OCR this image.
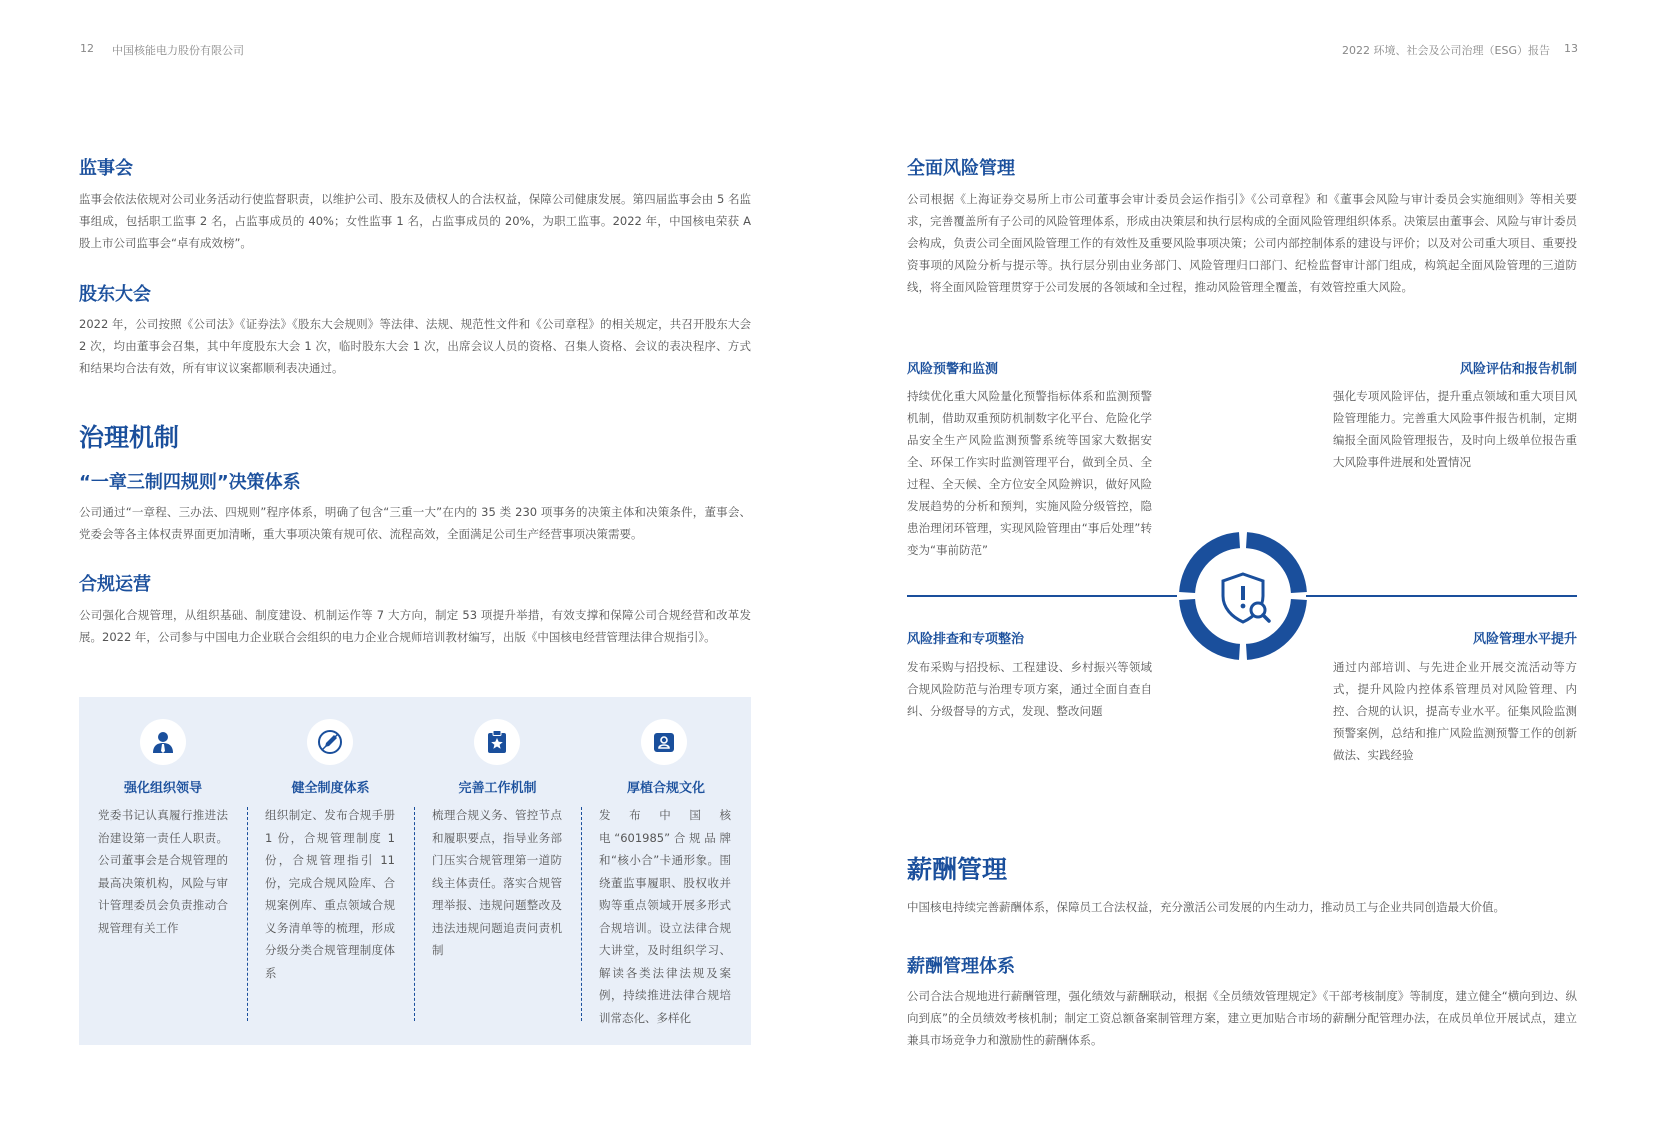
12 中国核能电力股份有限公司	2022 环境、社会及公司治理（ESG）报告 13
监事会
监事会依法依规对公司业务活动行使监督职责，以维护公司、股东及债权人的合法权益，保障公司健康发展。第四届监事会由 5 名监事组成，包括职工监事 2 名，占监事成员的 40%；女性监事 1 名，占监事成员的 20%，为职工监事。2022 年，中国核电荣获 A 股上市公司监事会“卓有成效榜”。
股东大会
2022 年，公司按照《公司法》《证券法》《股东大会规则》等法律、法规、规范性文件和《公司章程》的相关规定，共召开股东大会 2 次，均由董事会召集，其中年度股东大会 1 次，临时股东大会 1 次，出席会议人员的资格、召集人资格、会议的表决程序、方式和结果均合法有效，所有审议议案都顺利表决通过。
治理机制
“一章三制四规则”决策体系
公司通过“一章程、三办法、四规则”程序体系，明确了包含“三重一大”在内的 35 类 230 项事务的决策主体和决策条件，董事会、党委会等各主体权责界面更加清晰，重大事项决策有规可依、流程高效，全面满足公司生产经营事项决策需要。
合规运营
公司强化合规管理，从组织基础、制度建设、机制运作等 7 大方向，制定 53 项提升举措，有效支撑和保障公司合规经营和改革发展。2022 年，公司参与中国电力企业联合会组织的电力企业合规师培训教材编写，出版《中国核电经营管理法律合规指引》。
强化组织领导
党委书记认真履行推进法治建设第一责任人职责。公司董事会是合规管理的最高决策机构，风险与审计管理委员会负责推动合规管理有关工作
健全制度体系
组织制定、发布合规手册 1 份，合规管理制度 1 份，合规管理指引 11 份，完成合规风险库、合规案例库、重点领域合规义务清单等的梳理，形成分级分类合规管理制度体系
完善工作机制
梳理合规义务、管控节点和履职要点，指导业务部门压实合规管理第一道防线主体责任。落实合规管理举报、违规问题整改及违法违规问题追责问责机制
厚植合规文化
发布中国核电“601985”合规品牌和“核小合”卡通形象。围绕董监事履职、股权收并购等重点领域开展多形式合规培训。设立法律合规大讲堂，及时组织学习、解读各类法律法规及案例，持续推进法律合规培训常态化、多样化
全面风险管理
公司根据《上海证券交易所上市公司董事会审计委员会运作指引》《公司章程》和《董事会风险与审计委员会实施细则》等相关要求，完善覆盖所有子公司的风险管理体系，形成由决策层和执行层构成的全面风险管理组织体系。决策层由董事会、风险与审计委员会构成，负责公司全面风险管理工作的有效性及重要风险事项决策；公司内部控制体系的建设与评价；以及对公司重大项目、重要投资事项的风险分析与提示等。执行层分别由业务部门、风险管理归口部门、纪检监督审计部门组成，构筑起全面风险管理的三道防线，将全面风险管理贯穿于公司发展的各领域和全过程，推动风险管理全覆盖，有效管控重大风险。
风险预警和监测
持续优化重大风险量化预警指标体系和监测预警机制，借助双重预防机制数字化平台、危险化学品安全生产风险监测预警系统等国家大数据安全、环保工作实时监测管理平台，做到全员、全过程、全天候、全方位安全风险辨识，做好风险发展趋势的分析和预判，实施风险分级管控，隐患治理闭环管理，实现风险管理由“事后处理”转变为“事前防范”
风险评估和报告机制
强化专项风险评估，提升重点领域和重大项目风险管理能力。完善重大风险事件报告机制，定期编报全面风险管理报告，及时向上级单位报告重大风险事件进展和处置情况
风险排查和专项整治
发布采购与招投标、工程建设、乡村振兴等领域合规风险防范与治理专项方案，通过全面自查自纠、分级督导的方式，发现、整改问题
风险管理水平提升
通过内部培训、与先进企业开展交流活动等方式，提升风险内控体系管理员对风险管理、内控、合规的认识，提高专业水平。征集风险监测预警案例，总结和推广风险监测预警工作的创新做法、实践经验
薪酬管理
中国核电持续完善薪酬体系，保障员工合法权益，充分激活公司发展的内生动力，推动员工与企业共同创造最大价值。
薪酬管理体系
公司合法合规地进行薪酬管理，强化绩效与薪酬联动，根据《全员绩效管理规定》《干部考核制度》等制度，建立健全“横向到边、纵向到底”的全员绩效考核机制；制定工资总额备案制管理方案，建立更加贴合市场的薪酬分配管理办法，在成员单位开展试点，建立兼具市场竞争力和激励性的薪酬体系。
